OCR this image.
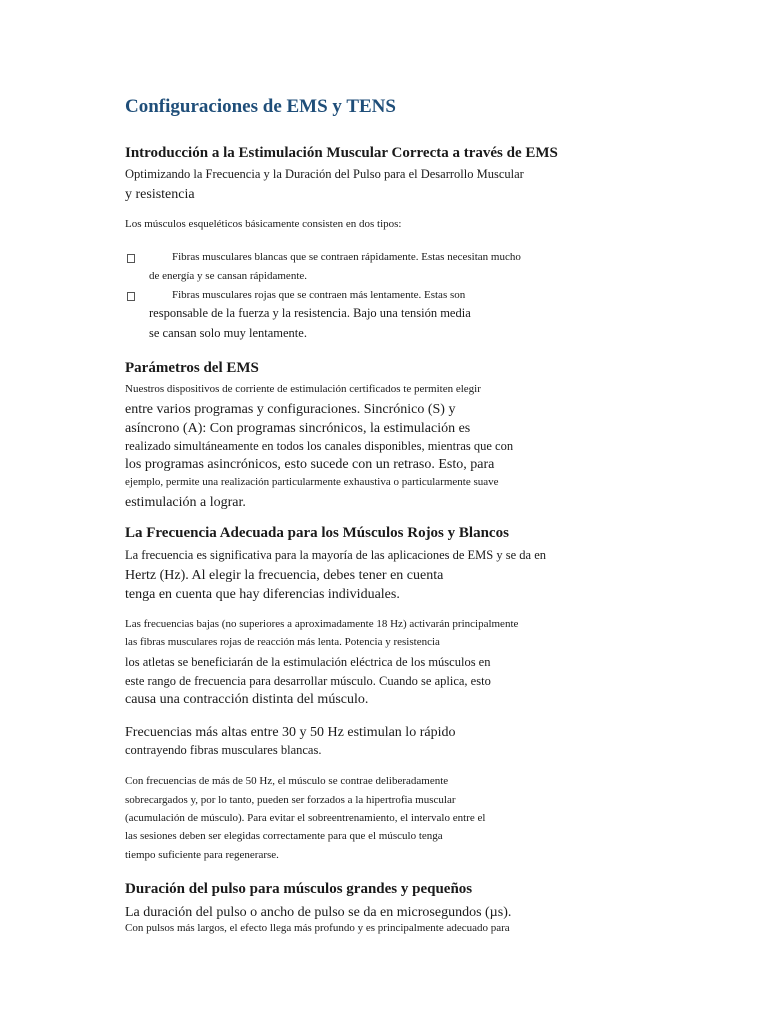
Configuraciones de EMS y TENS
Introducción a la Estimulación Muscular Correcta a través de EMS
Optimizando la Frecuencia y la Duración del Pulso para el Desarrollo Muscular
y resistencia
Los músculos esqueléticos básicamente consisten en dos tipos:
Fibras musculares blancas que se contraen rápidamente. Estas necesitan mucho
de energía y se cansan rápidamente.
Fibras musculares rojas que se contraen más lentamente. Estas son
responsable de la fuerza y la resistencia. Bajo una tensión media
se cansan solo muy lentamente.
Parámetros del EMS
Nuestros dispositivos de corriente de estimulación certificados te permiten elegir
entre varios programas y configuraciones. Sincrónico (S) y
asíncrono (A): Con programas sincrónicos, la estimulación es
realizado simultáneamente en todos los canales disponibles, mientras que con
los programas asincrónicos, esto sucede con un retraso. Esto, para
ejemplo, permite una realización particularmente exhaustiva o particularmente suave
estimulación a lograr.
La Frecuencia Adecuada para los Músculos Rojos y Blancos
La frecuencia es significativa para la mayoría de las aplicaciones de EMS y se da en
Hertz (Hz). Al elegir la frecuencia, debes tener en cuenta
tenga en cuenta que hay diferencias individuales.
Las frecuencias bajas (no superiores a aproximadamente 18 Hz) activarán principalmente
las fibras musculares rojas de reacción más lenta. Potencia y resistencia
los atletas se beneficiarán de la estimulación eléctrica de los músculos en
este rango de frecuencia para desarrollar músculo. Cuando se aplica, esto
causa una contracción distinta del músculo.
Frecuencias más altas entre 30 y 50 Hz estimulan lo rápido
contrayendo fibras musculares blancas.
Con frecuencias de más de 50 Hz, el músculo se contrae deliberadamente
sobrecargados y, por lo tanto, pueden ser forzados a la hipertrofia muscular
(acumulación de músculo). Para evitar el sobreentrenamiento, el intervalo entre el
las sesiones deben ser elegidas correctamente para que el músculo tenga
tiempo suficiente para regenerarse.
Duración del pulso para músculos grandes y pequeños
La duración del pulso o ancho de pulso se da en microsegundos (µs).
Con pulsos más largos, el efecto llega más profundo y es principalmente adecuado para
